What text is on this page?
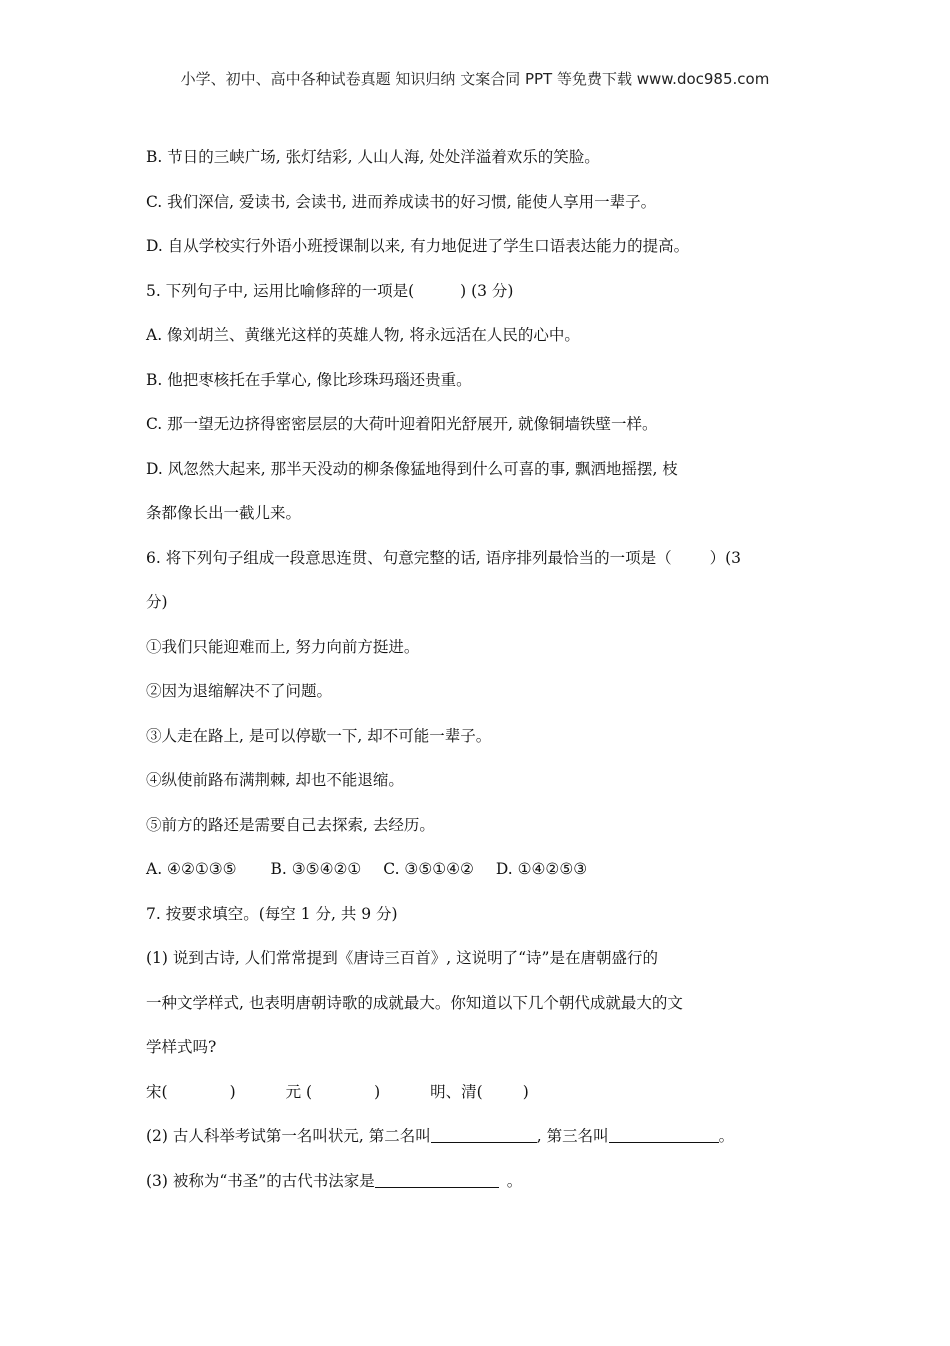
小学、初中、高中各种试卷真题 知识归纳 文案合同 PPT 等免费下载 www.doc985.com
B. 节日的三峡广场, 张灯结彩, 人山人海, 处处洋溢着欢乐的笑脸。
C. 我们深信, 爱读书, 会读书, 进而养成读书的好习惯, 能使人享用一辈子。
D. 自从学校实行外语小班授课制以来, 有力地促进了学生口语表达能力的提高。
5. 下列句子中, 运用比喻修辞的一项是(	) (3 分)
A. 像刘胡兰、黄继光这样的英雄人物, 将永远活在人民的心中。
B. 他把枣核托在手掌心, 像比珍珠玛瑙还贵重。
C. 那一望无边挤得密密层层的大荷叶迎着阳光舒展开, 就像铜墙铁壁一样。
D. 风忽然大起来, 那半天没动的柳条像猛地得到什么可喜的事, 飘洒地摇摆, 枝
条都像长出一截儿来。
6. 将下列句子组成一段意思连贯、句意完整的话, 语序排列最恰当的一项是（ ）(3
分)
①我们只能迎难而上, 努力向前方挺进。
②因为退缩解决不了问题。
③人走在路上, 是可以停歇一下, 却不可能一辈子。
④纵使前路布满荆棘, 却也不能退缩。
⑤前方的路还是需要自己去探索, 去经历。
A. ④②①③⑤ B. ③⑤④②① C. ③⑤①④② D. ①④②⑤③
7. 按要求填空。(每空 1 分, 共 9 分)
(1) 说到古诗, 人们常常提到《唐诗三百首》, 这说明了“诗”是在唐朝盛行的
一种文学样式, 也表明唐朝诗歌的成就最大。你知道以下几个朝代成就最大的文
学样式吗?
宋(	)	元 (	)	明、清(	)
(2) 古人科举考试第一名叫状元, 第二名叫	, 第三名叫	。
(3) 被称为“书圣”的古代书法家是	。
